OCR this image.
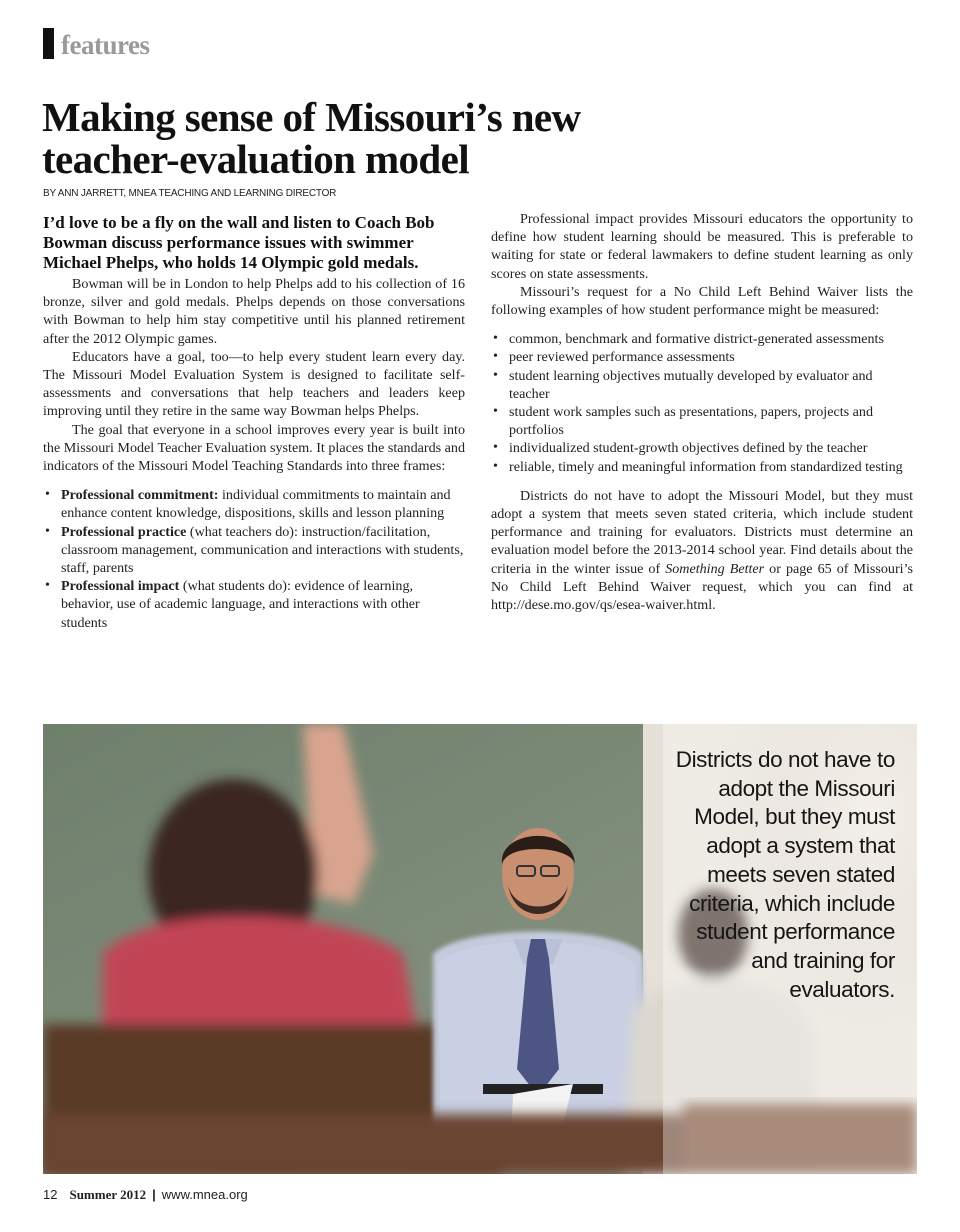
features
Making sense of Missouri’s new teacher-evaluation model
BY ANN JARRETT, MNEA TEACHING AND LEARNING DIRECTOR

I’d love to be a fly on the wall and listen to Coach Bob Bowman discuss performance issues with swimmer Michael Phelps, who holds 14 Olympic gold medals.

Bowman will be in London to help Phelps add to his collection of 16 bronze, silver and gold medals. Phelps depends on those conversations with Bowman to help him stay competitive until his planned retirement after the 2012 Olympic games.

Educators have a goal, too—to help every student learn every day. The Missouri Model Evaluation System is designed to facilitate self-assessments and conversations that help teachers and leaders keep improving until they retire in the same way Bowman helps Phelps.

The goal that everyone in a school improves every year is built into the Missouri Model Teacher Evaluation system. It places the standards and indicators of the Missouri Model Teaching Standards into three frames:

• Professional commitment: individual commitments to maintain and enhance content knowledge, dispositions, skills and lesson planning
• Professional practice (what teachers do): instruction/facilitation, classroom management, communication and interactions with students, staff, parents
• Professional impact (what students do): evidence of learning, behavior, use of academic language, and interactions with other students

Professional impact provides Missouri educators the opportunity to define how student learning should be measured. This is preferable to waiting for state or federal lawmakers to define student learning as only scores on state assessments.

Missouri’s request for a No Child Left Behind Waiver lists the following examples of how student performance might be measured:

• common, benchmark and formative district-generated assessments
• peer reviewed performance assessments
• student learning objectives mutually developed by evaluator and teacher
• student work samples such as presentations, papers, projects and portfolios
• individualized student-growth objectives defined by the teacher
• reliable, timely and meaningful information from standardized testing

Districts do not have to adopt the Missouri Model, but they must adopt a system that meets seven stated criteria, which include student performance and training for evaluators. Districts must determine an evaluation model before the 2013-2014 school year. Find details about the criteria in the winter issue of Something Better or page 65 of Missouri’s No Child Left Behind Waiver request, which you can find at http://dese.mo.gov/qs/esea-waiver.html.

Districts do not have to adopt the Missouri Model, but they must adopt a system that meets seven stated criteria, which include student performance and training for evaluators.
12 Summer 2012 | www.mnea.org
